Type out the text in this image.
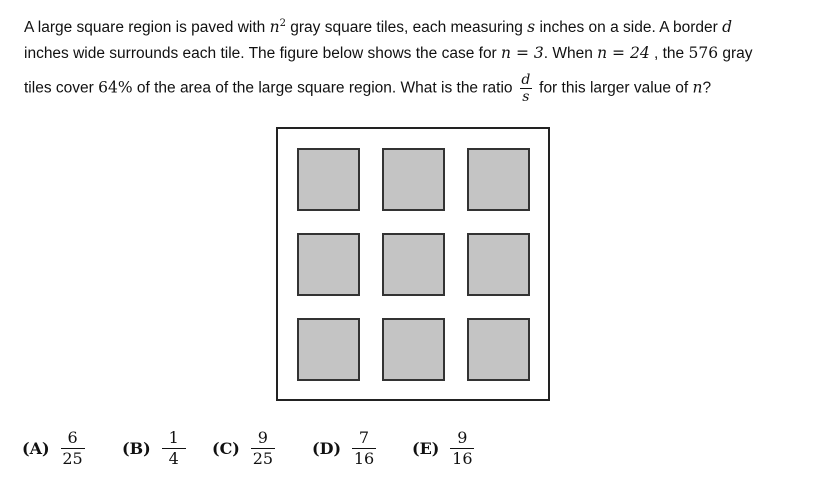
A large square region is paved with $n^2$ gray square tiles, each measuring s inches on a side. A border d
inches wide surrounds each tile. The figure below shows the case for n = 3. When n = 24 , the 576 gray
tiles cover 64% of the area of the large square region. What is the ratio $\frac{d}{s}$ for this larger value of n?
$(A) \frac{6}{25} (B) \frac{1}{4} (C) \frac{9}{25} (D) \frac{7}{16} (E) \frac{9}{16}$
